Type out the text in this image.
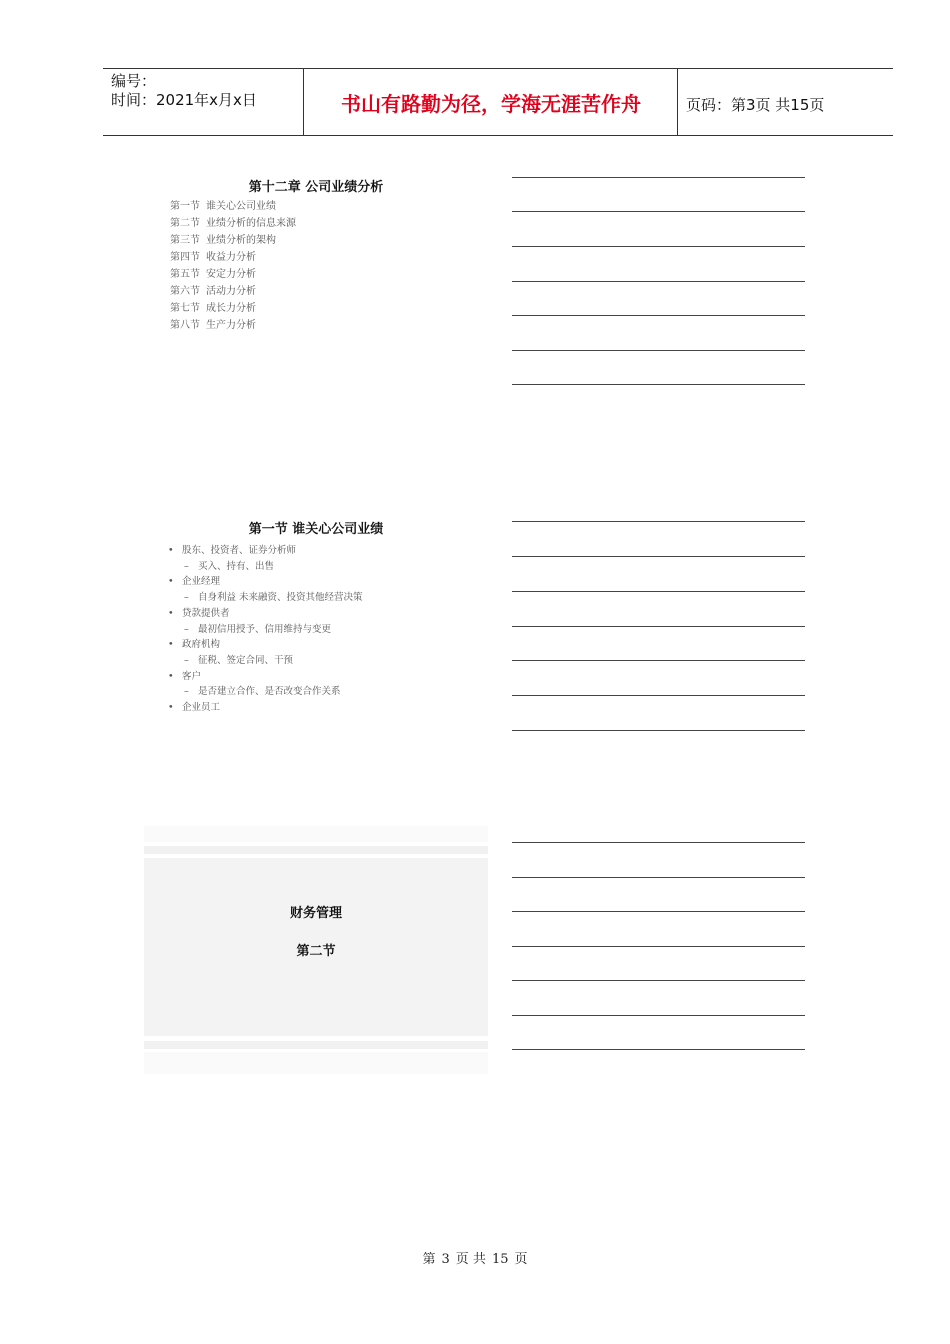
编号：
时间：2021年x月x日	书山有路勤为径，学海无涯苦作舟	页码：第3页 共15页
第十二章 公司业绩分析
第一节 谁关心公司业绩
第二节 业绩分析的信息来源
第三节 业绩分析的架构
第四节 收益力分析
第五节 安定力分析
第六节 活动力分析
第七节 成长力分析
第八节 生产力分析
第一节 谁关心公司业绩
• 股东、投资者、证券分析师
– 买入、持有、出售
• 企业经理
– 自身利益 未来融资、投资其他经营决策
• 贷款提供者
– 最初信用授予、信用维持与变更
• 政府机构
– 征税、签定合同、干预
• 客户
– 是否建立合作、是否改变合作关系
• 企业员工
财务管理
第二节
第 3 页 共 15 页
